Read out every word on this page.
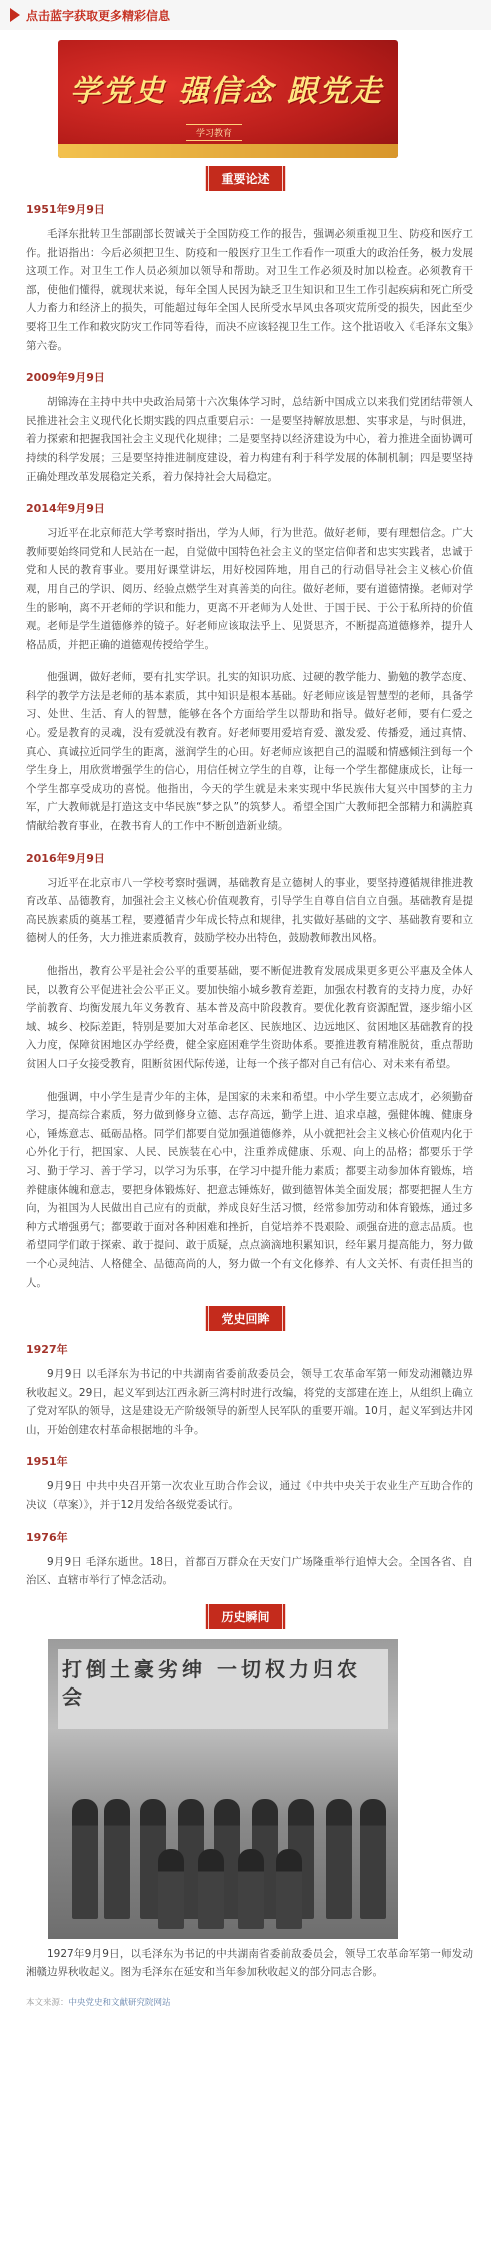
点击蓝字获取更多精彩信息
学党史 强信念 跟党走
学习教育
重要论述
1951年9月9日

毛泽东批转卫生部副部长贺诚关于全国防疫工作的报告，强调必须重视卫生、防疫和医疗工作。批语指出：今后必须把卫生、防疫和一般医疗卫生工作看作一项重大的政治任务，极力发展这项工作。对卫生工作人员必须加以领导和帮助。对卫生工作必须及时加以检查。必须教育干部，使他们懂得，就现状来说，每年全国人民因为缺乏卫生知识和卫生工作引起疾病和死亡所受人力畜力和经济上的损失，可能超过每年全国人民所受水旱风虫各项灾荒所受的损失，因此至少要将卫生工作和救灾防灾工作同等看待，而决不应该轻视卫生工作。这个批语收入《毛泽东文集》第六卷。

2009年9月9日

胡锦涛在主持中共中央政治局第十六次集体学习时，总结新中国成立以来我们党团结带领人民推进社会主义现代化长期实践的四点重要启示：一是要坚持解放思想、实事求是，与时俱进，着力探索和把握我国社会主义现代化规律；二是要坚持以经济建设为中心，着力推进全面协调可持续的科学发展；三是要坚持推进制度建设，着力构建有利于科学发展的体制机制；四是要坚持正确处理改革发展稳定关系，着力保持社会大局稳定。

2014年9月9日

习近平在北京师范大学考察时指出，学为人师，行为世范。做好老师，要有理想信念。广大教师要始终同党和人民站在一起，自觉做中国特色社会主义的坚定信仰者和忠实实践者，忠诚于党和人民的教育事业。要用好课堂讲坛，用好校园阵地，用自己的行动倡导社会主义核心价值观，用自己的学识、阅历、经验点燃学生对真善美的向往。做好老师，要有道德情操。老师对学生的影响，离不开老师的学识和能力，更离不开老师为人处世、于国于民、于公于私所持的价值观。老师是学生道德修养的镜子。好老师应该取法乎上、见贤思齐，不断提高道德修养，提升人格品质，并把正确的道德观传授给学生。

他强调，做好老师，要有扎实学识。扎实的知识功底、过硬的教学能力、勤勉的教学态度、科学的教学方法是老师的基本素质，其中知识是根本基础。好老师应该是智慧型的老师，具备学习、处世、生活、育人的智慧，能够在各个方面给学生以帮助和指导。做好老师，要有仁爱之心。爱是教育的灵魂，没有爱就没有教育。好老师要用爱培育爱、激发爱、传播爱，通过真情、真心、真诚拉近同学生的距离，滋润学生的心田。好老师应该把自己的温暖和情感倾注到每一个学生身上，用欣赏增强学生的信心，用信任树立学生的自尊，让每一个学生都健康成长，让每一个学生都享受成功的喜悦。他指出，今天的学生就是未来实现中华民族伟大复兴中国梦的主力军，广大教师就是打造这支中华民族“梦之队”的筑梦人。希望全国广大教师把全部精力和满腔真情献给教育事业，在教书育人的工作中不断创造新业绩。

2016年9月9日

习近平在北京市八一学校考察时强调，基础教育是立德树人的事业，要坚持遵循规律推进教育改革、品德教育，加强社会主义核心价值观教育，引导学生自尊自信自立自强。基础教育是提高民族素质的奠基工程，要遵循青少年成长特点和规律，扎实做好基础的文字、基础教育要和立德树人的任务，大力推进素质教育，鼓励学校办出特色，鼓励教师教出风格。

他指出，教育公平是社会公平的重要基础，要不断促进教育发展成果更多更公平惠及全体人民，以教育公平促进社会公平正义。要加快缩小城乡教育差距，加强农村教育的支持力度，办好学前教育、均衡发展九年义务教育、基本普及高中阶段教育。要优化教育资源配置，逐步缩小区域、城乡、校际差距，特别是要加大对革命老区、民族地区、边远地区、贫困地区基础教育的投入力度，保障贫困地区办学经费，健全家庭困难学生资助体系。要推进教育精准脱贫，重点帮助贫困人口子女接受教育，阻断贫困代际传递，让每一个孩子都对自己有信心、对未来有希望。

他强调，中小学生是青少年的主体，是国家的未来和希望。中小学生要立志成才，必须勤奋学习，提高综合素质，努力做到修身立德、志存高远，勤学上进、追求卓越，强健体魄、健康身心，锤炼意志、砥砺品格。同学们都要自觉加强道德修养，从小就把社会主义核心价值观内化于心外化于行，把国家、人民、民族装在心中，注重养成健康、乐观、向上的品格；都要乐于学习、勤于学习、善于学习，以学习为乐事，在学习中提升能力素质；都要主动参加体育锻炼，培养健康体魄和意志，要把身体锻炼好、把意志锤炼好，做到德智体美全面发展；都要把握人生方向，为祖国为人民做出自己应有的贡献，养成良好生活习惯，经常参加劳动和体育锻炼，通过多种方式增强勇气；都要敢于面对各种困难和挫折，自觉培养不畏艰险、顽强奋进的意志品质。也希望同学们敢于探索、敢于提问、敢于质疑，点点滴滴地积累知识，经年累月提高能力，努力做一个心灵纯洁、人格健全、品德高尚的人，努力做一个有文化修养、有人文关怀、有责任担当的人。

党史回眸
1927年

9月9日 以毛泽东为书记的中共湖南省委前敌委员会，领导工农革命军第一师发动湘赣边界秋收起义。29日，起义军到达江西永新三湾村时进行改编，将党的支部建在连上，从组织上确立了党对军队的领导，这是建设无产阶级领导的新型人民军队的重要开端。10月，起义军到达井冈山，开始创建农村革命根据地的斗争。

1951年

9月9日 中共中央召开第一次农业互助合作会议，通过《中共中央关于农业生产互助合作的决议（草案）》，并于12月发给各级党委试行。

1976年

9月9日 毛泽东逝世。18日，首都百万群众在天安门广场隆重举行追悼大会。全国各省、自治区、直辖市举行了悼念活动。

历史瞬间
打倒土豪劣绅 一切权力归农会

1927年9月9日，以毛泽东为书记的中共湖南省委前敌委员会，领导工农革命军第一师发动湘赣边界秋收起义。图为毛泽东在延安和当年参加秋收起义的部分同志合影。

本文来源：中央党史和文献研究院网站
